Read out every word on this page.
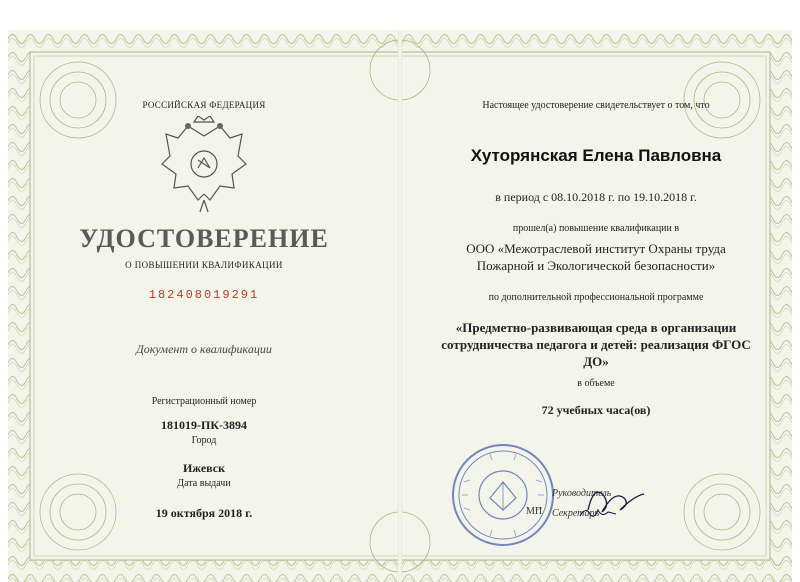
РОССИЙСКАЯ ФЕДЕРАЦИЯ
УДОСТОВЕРЕНИЕ
О ПОВЫШЕНИИ КВАЛИФИКАЦИИ
182408019291
Документ о квалификации
Регистрационный номер
181019-ПК-3894
Город
Ижевск
Дата выдачи
19 октября 2018 г.
Настоящее удостоверение свидетельствует о том, что
Хуторянская Елена Павловна
в период с 08.10.2018 г. по 19.10.2018 г.
прошел(а) повышение квалификации в
ООО «Межотраслевой институт Охраны труда
Пожарной и Экологической безопасности»
по дополнительной профессиональной программе
«Предметно-развивающая среда в организации
сотрудничества педагога и детей: реализация ФГОС
ДО»
в объеме
72 учебных часа(ов)
МП
Руководитель
Секретарь
